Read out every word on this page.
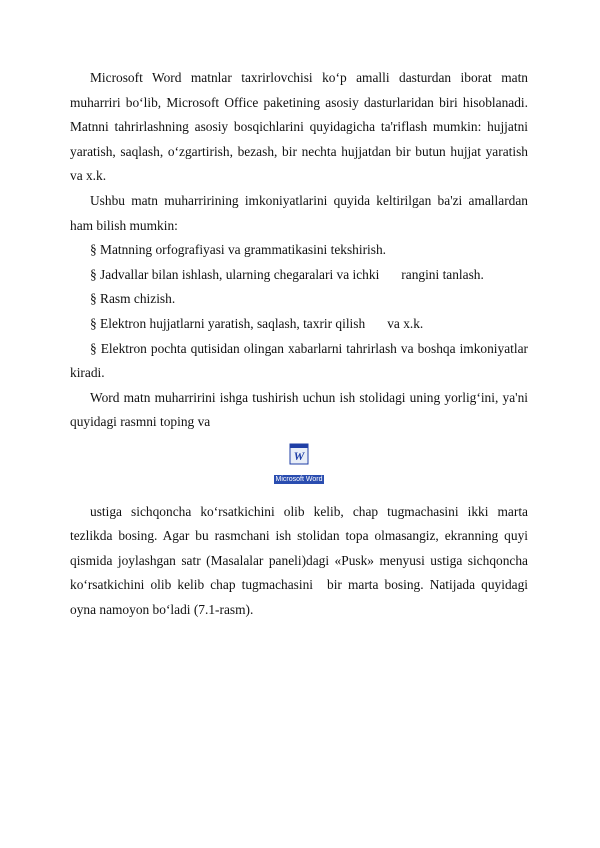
Microsoft Word matnlar taxrirlovchisi ko‘p amalli dasturdan iborat matn muharriri bo‘lib, Microsoft Office paketining asosiy dasturlaridan biri hisoblanadi. Matnni tahrirlashning asosiy bosqichlarini quyidagicha ta'riflash mumkin: hujjatni yaratish, saqlash, o‘zgartirish, bezash, bir nechta hujjatdan bir butun hujjat yaratish va x.k.

Ushbu matn muharririning imkoniyatlarini quyida keltirilgan ba'zi amallardan ham bilish mumkin:

§ Matnning orfografiyasi va grammatikasini tekshirish.

§ Jadvallar bilan ishlash, ularning chegaralari va ichki rangini tanlash.

§ Rasm chizish.

§ Elektron hujjatlarni yaratish, saqlash, taxrir qilish va x.k.

§ Elektron pochta qutisidan olingan xabarlarni tahrirlash va boshqa imkoniyatlar kiradi.

Word matn muharririni ishga tushirish uchun ish stolidagi uning yorlig‘ini, ya'ni quyidagi rasmni toping va

W
Microsoft Word

ustiga sichqoncha ko‘rsatkichini olib kelib, chap tugmachasini ikki marta tezlikda bosing. Agar bu rasmchani ish stolidan topa olmasangiz, ekranning quyi qismida joylashgan satr (Masalalar paneli)dagi «Pusk» menyusi ustiga sichqoncha ko‘rsatkichini olib kelib chap tugmachasini bir marta bosing. Natijada quyidagi oyna namoyon bo‘ladi (7.1-rasm).
